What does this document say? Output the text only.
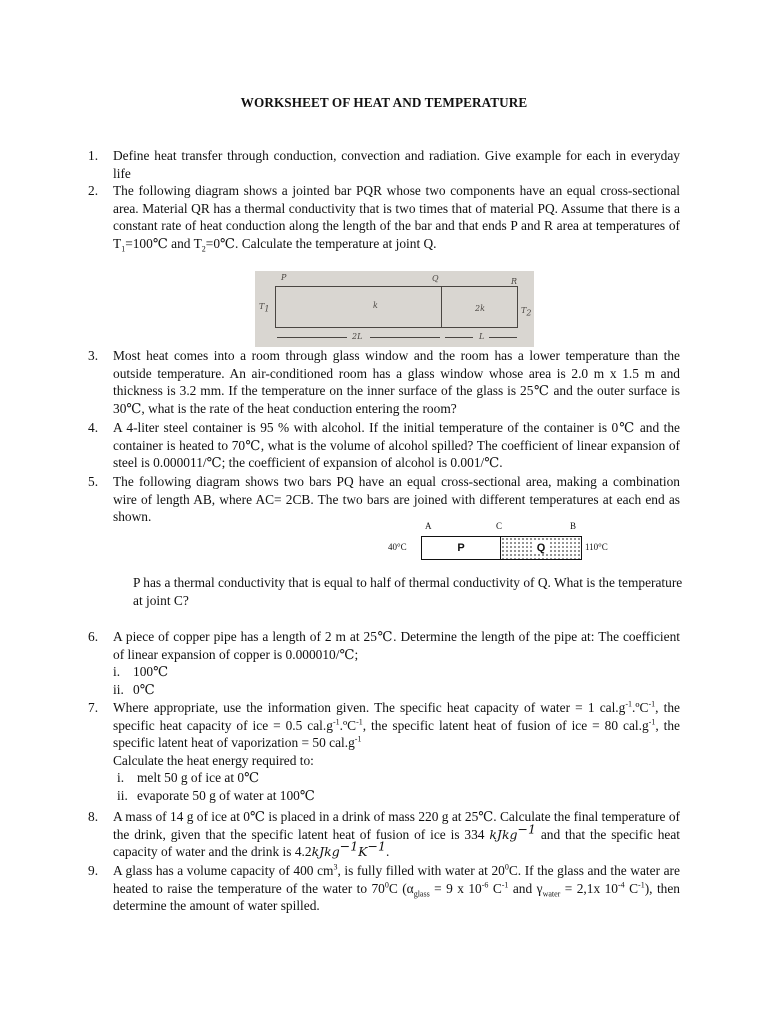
WORKSHEET OF HEAT AND TEMPERATURE
1.	Define heat transfer through conduction, convection and radiation. Give example for each in everyday life
2.	The following diagram shows a jointed bar PQR whose two components have an equal cross-sectional area. Material QR has a thermal conductivity that is two times that of material PQ. Assume that there is a constant rate of heat conduction along the length of the bar and that ends P and R area at temperatures of $T_1=100℃$ and $T_2=0℃$. Calculate the temperature at joint Q.
P	Q	R
$T_1$	k	2k	$T_2$
2L	L
3.	Most heat comes into a room through glass window and the room has a lower temperature than the outside temperature. An air-conditioned room has a glass window whose area is 2.0 m x 1.5 m and thickness is 3.2 mm. If the temperature on the inner surface of the glass is 25℃ and the outer surface is 30℃, what is the rate of the heat conduction entering the room?
4.	A 4-liter steel container is 95 % with alcohol. If the initial temperature of the container is 0℃ and the container is heated to 70℃, what is the volume of alcohol spilled? The coefficient of linear expansion of steel is 0.000011/℃; the coefficient of expansion of alcohol is 0.001/℃.
5.	The following diagram shows two bars PQ have an equal cross-sectional area, making a combination wire of length AB, where AC= 2CB. The two bars are joined with different temperatures at each end as shown.
A	C	B
40°C	P	Q	110°C
P has a thermal conductivity that is equal to half of thermal conductivity of Q. What is the temperature at joint C?
6.	A piece of copper pipe has a length of 2 m at 25℃. Determine the length of the pipe at: The coefficient of linear expansion of copper is 0.000010/℃;
i. 100℃
ii. 0℃
7.	Where appropriate, use the information given. The specific heat capacity of water = 1 $cal.g^{-1}.ºC^{-1}$, the specific heat capacity of ice = 0.5 $cal.g^{-1}.ºC^{-1}$, the specific latent heat of fusion of ice = 80 $cal.g^{-1}$, the specific latent heat of vaporization = 50 $cal.g^{-1}$
Calculate the heat energy required to:
i. melt 50 g of ice at 0℃
ii. evaporate 50 g of water at 100℃
8.	A mass of 14 g of ice at 0℃ is placed in a drink of mass 220 g at 25℃. Calculate the final temperature of the drink, given that the specific latent heat of fusion of ice is 334 kJkg$^{-1}$ and that the specific heat capacity of water and the drink is $4.2kJkg^{-1}K^{-1}$.
9.	A glass has a volume capacity of 400 $cm^3$, is fully filled with water at $20^0C$. If the glass and the water are heated to raise the temperature of the water to $70^0C$ ($\alpha_{glass} = 9$ x $10^{-6}$ $C^{-1}$ and $\gamma_{water} = 2,1x$ $10^{-4}$ $C^{-1}$), then determine the amount of water spilled.
